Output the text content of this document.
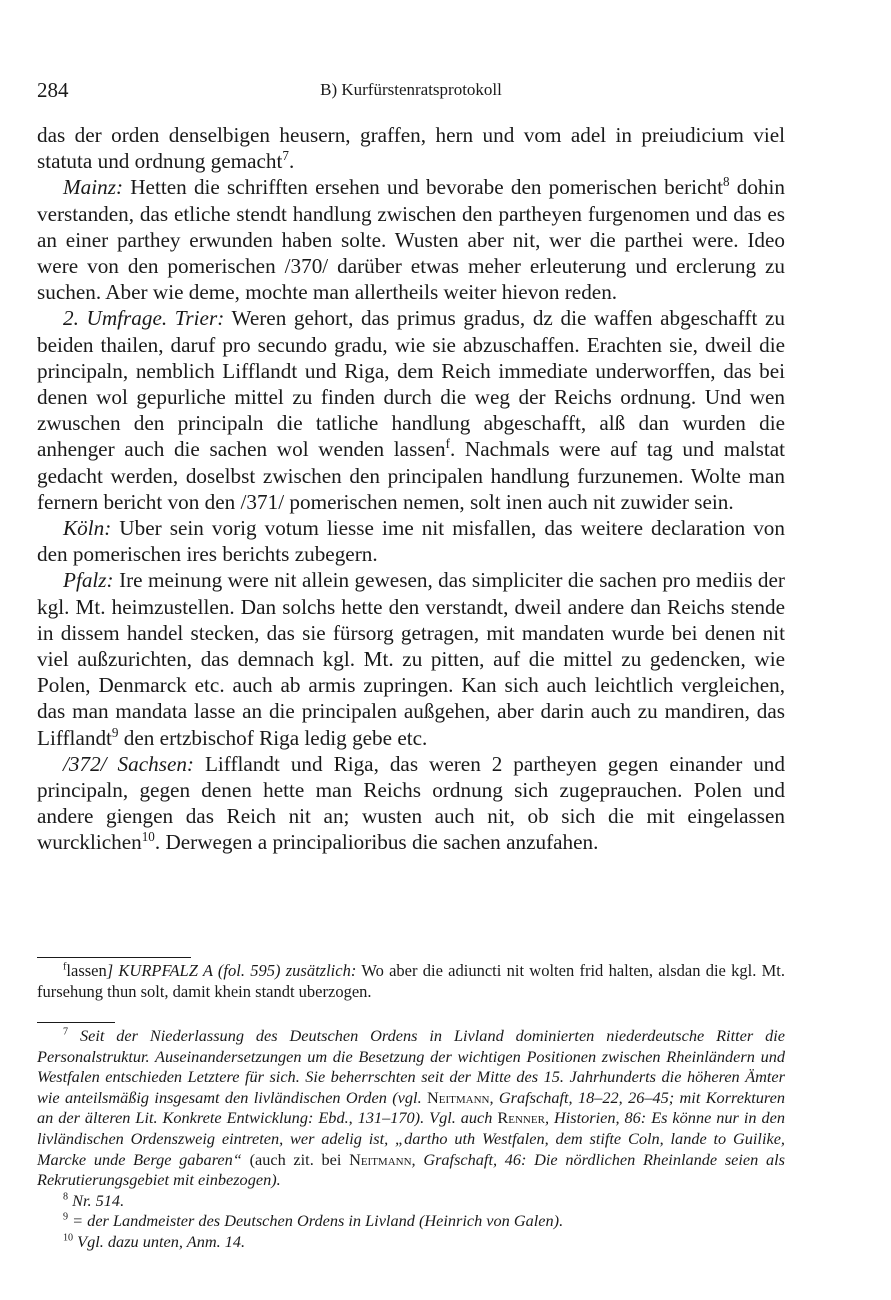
284	B) Kurfürstenratsprotokoll

das der orden denselbigen heusern, graffen, hern und vom adel in preiudicium viel statuta und ordnung gemacht$^7$.

Mainz: Hetten die schrifften ersehen und bevorabe den pomerischen bericht$^8$ dohin verstanden, das etliche stendt handlung zwischen den partheyen furgenomen und das es an einer parthey erwunden haben solte. Wusten aber nit, wer die parthei were. Ideo were von den pomerischen /370/ darüber etwas meher erleuterung und erclerung zu suchen. Aber wie deme, mochte man allertheils weiter hievon reden.

2. Umfrage. Trier: Weren gehort, das primus gradus, dz die waffen abgeschafft zu beiden thailen, daruf pro secundo gradu, wie sie abzuschaffen. Erachten sie, dweil die principaln, nemblich Lifflandt und Riga, dem Reich immediate underworffen, das bei denen wol gepurliche mittel zu finden durch die weg der Reichs ordnung. Und wen zwuschen den principaln die tatliche handlung abgeschafft, alß dan wurden die anhenger auch die sachen wol wenden lassen$^f$. Nachmals were auf tag und malstat gedacht werden, doselbst zwischen den principalen handlung furzunemen. Wolte man fernern bericht von den /371/ pomerischen nemen, solt inen auch nit zuwider sein.

Köln: Uber sein vorig votum liesse ime nit misfallen, das weitere declaration von den pomerischen ires berichts zubegern.

Pfalz: Ire meinung were nit allein gewesen, das simpliciter die sachen pro mediis der kgl. Mt. heimzustellen. Dan solchs hette den verstandt, dweil andere dan Reichs stende in dissem handel stecken, das sie fürsorg getragen, mit mandaten wurde bei denen nit viel außzurichten, das demnach kgl. Mt. zu pitten, auf die mittel zu gedencken, wie Polen, Denmarck etc. auch ab armis zupringen. Kan sich auch leichtlich vergleichen, das man mandata lasse an die principalen außgehen, aber darin auch zu mandiren, das Lifflandt$^9$ den ertzbischof Riga ledig gebe etc.

/372/ Sachsen: Lifflandt und Riga, das weren 2 partheyen gegen einander und principaln, gegen denen hette man Reichs ordnung sich zugeprauchen. Polen und andere giengen das Reich nit an; wusten auch nit, ob sich die mit eingelassen wurcklichen$^{10}$. Derwegen a principalioribus die sachen anzufahen.

$^f$lassen] KURPFALZ A (fol. 595) zusätzlich: Wo aber die adiuncti nit wolten frid halten, alsdan die kgl. Mt. fursehung thun solt, damit khein standt uberzogen.

$^7$ Seit der Niederlassung des Deutschen Ordens in Livland dominierten niederdeutsche Ritter die Personalstruktur. Auseinandersetzungen um die Besetzung der wichtigen Positionen zwischen Rheinländern und Westfalen entschieden Letztere für sich. Sie beherrschten seit der Mitte des 15. Jahrhunderts die höheren Ämter wie anteilsmäßig insgesamt den livländischen Orden (vgl. Neitmann, Grafschaft, 18–22, 26–45; mit Korrekturen an der älteren Lit. Konkrete Entwicklung: Ebd., 131–170). Vgl. auch Renner, Historien, 86: Es könne nur in den livländischen Ordenszweig eintreten, wer adelig ist, „dartho uth Westfalen, dem stifte Coln, lande to Guilike, Marcke unde Berge gabaren“ (auch zit. bei Neitmann, Grafschaft, 46: Die nördlichen Rheinlande seien als Rekrutierungsgebiet mit einbezogen).

$^8$ Nr. 514.

$^9$ = der Landmeister des Deutschen Ordens in Livland (Heinrich von Galen).

$^{10}$ Vgl. dazu unten, Anm. 14.
